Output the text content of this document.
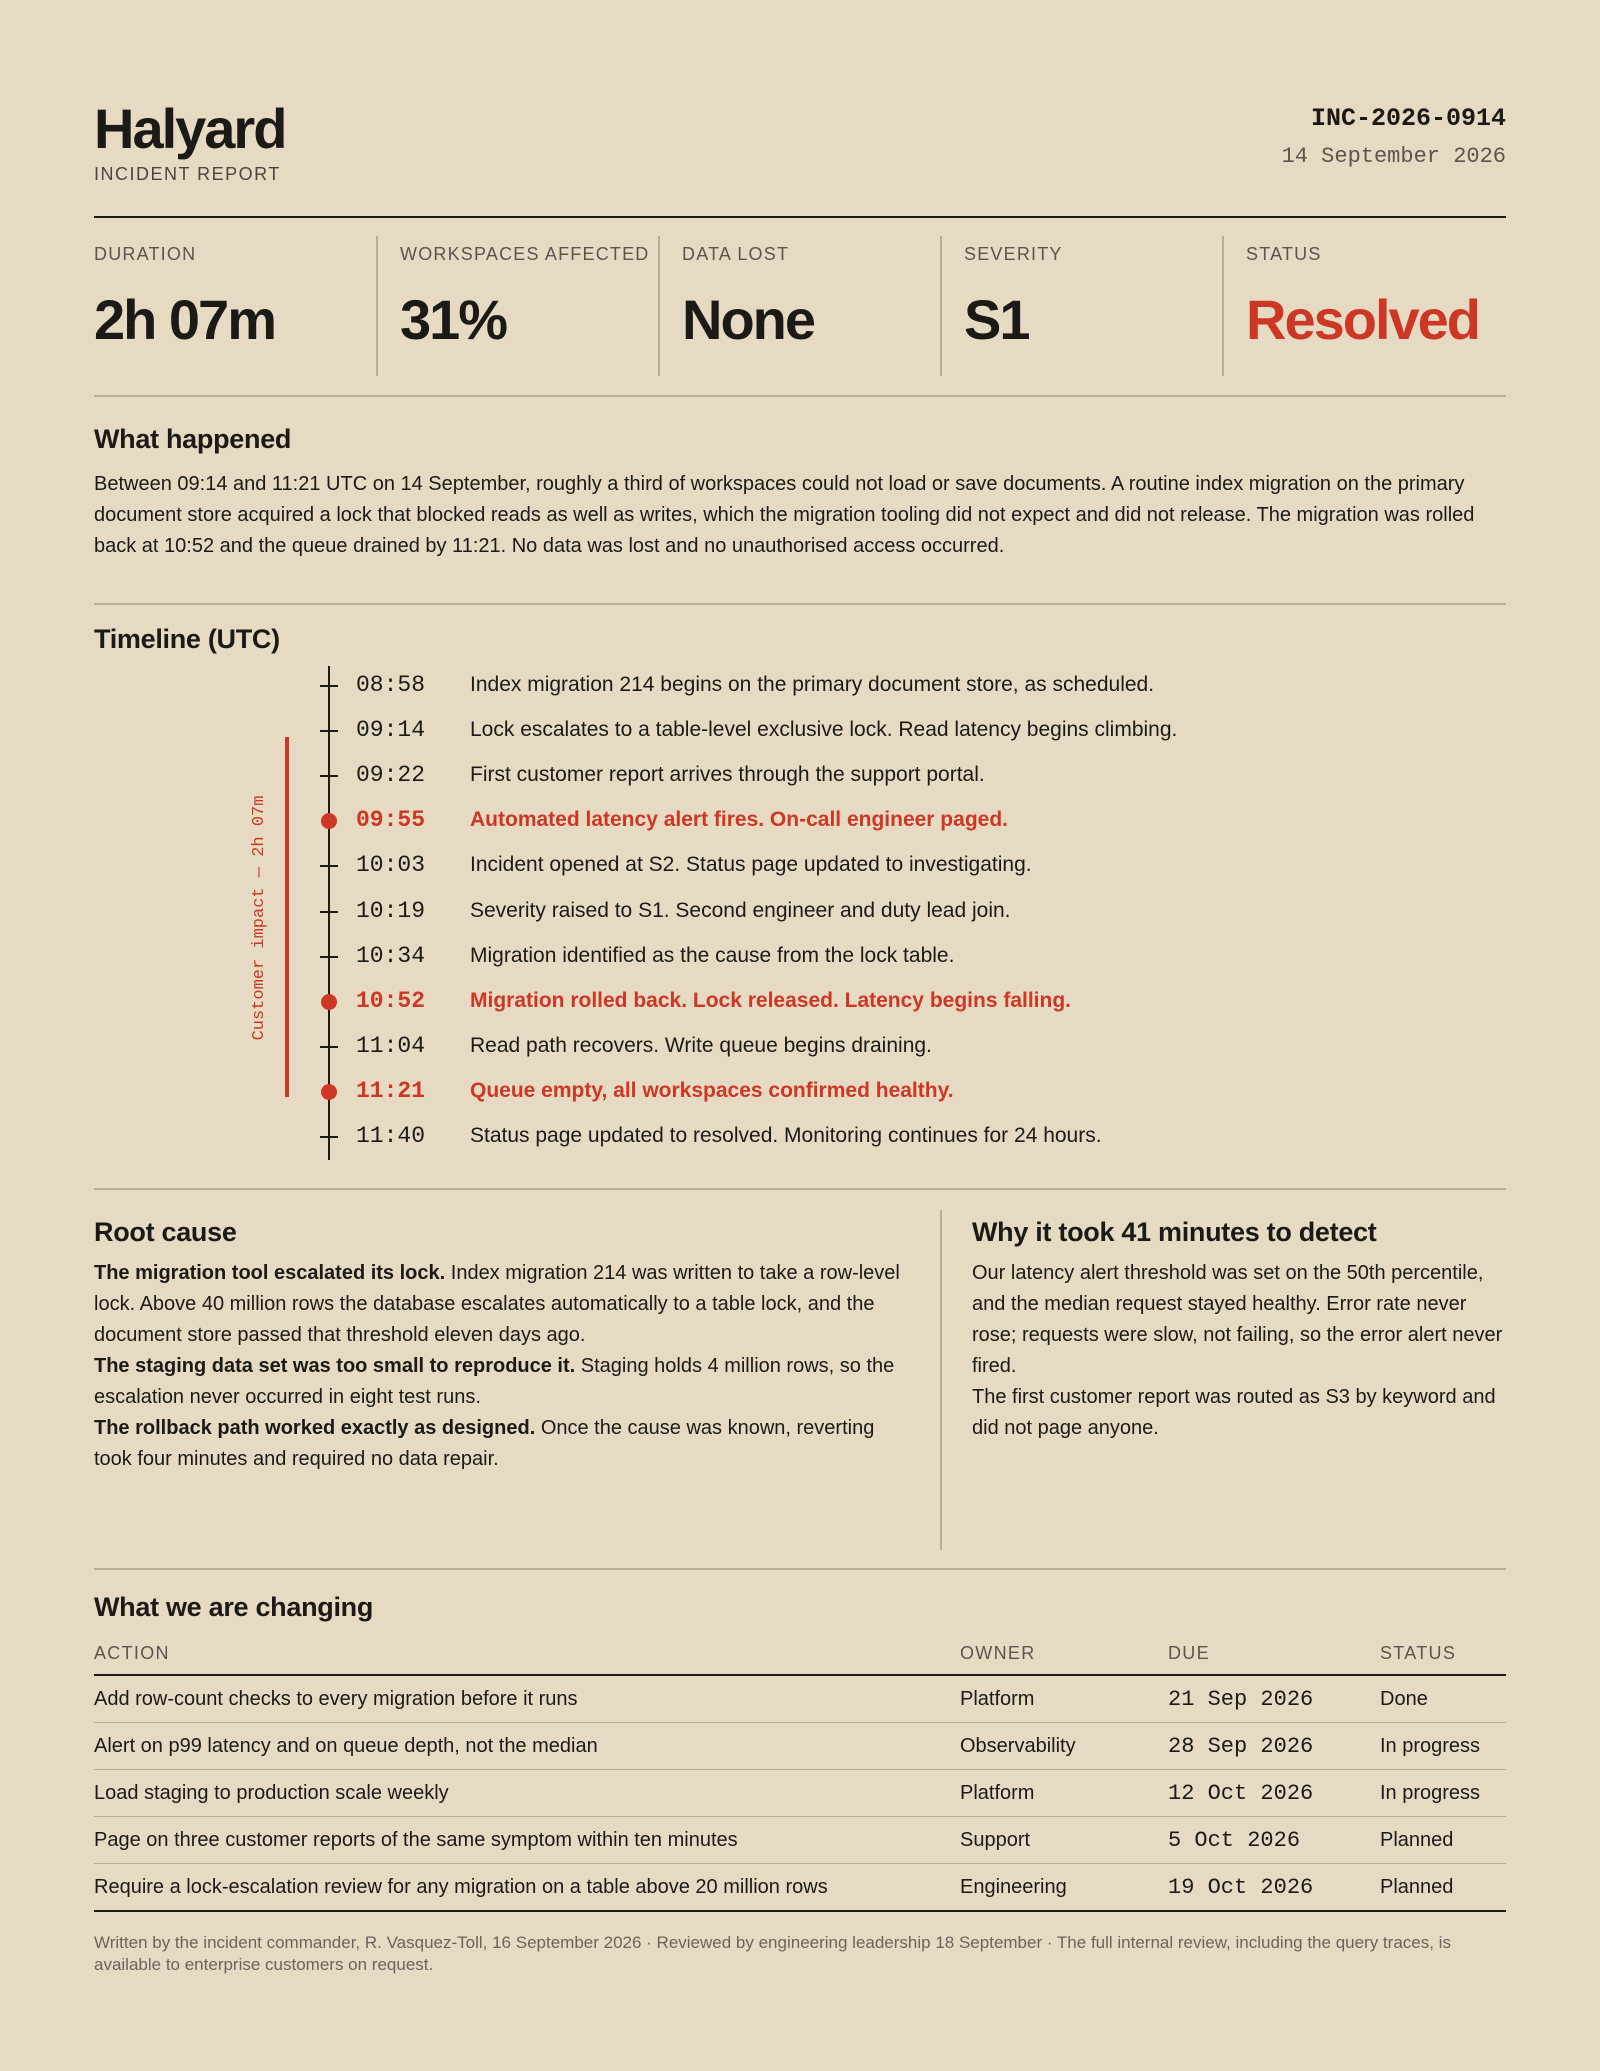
Halyard
INCIDENT REPORT
INC-2026-0914
14 September 2026
DURATION
2h 07m
WORKSPACES AFFECTED
31%
DATA LOST
None
SEVERITY
S1
STATUS
Resolved
What happened

Between 09:14 and 11:21 UTC on 14 September, roughly a third of workspaces could not load or save documents. A routine index migration on the primary document store acquired a lock that blocked reads as well as writes, which the migration tooling did not expect and did not release. The migration was rolled back at 10:52 and the queue drained by 11:21. No data was lost and no unauthorised access occurred.

Timeline (UTC)
Customer impact — 2h 07m
08:58 Index migration 214 begins on the primary document store, as scheduled.
09:14 Lock escalates to a table-level exclusive lock. Read latency begins climbing.
09:22 First customer report arrives through the support portal.
09:55 Automated latency alert fires. On-call engineer paged.
10:03 Incident opened at S2. Status page updated to investigating.
10:19 Severity raised to S1. Second engineer and duty lead join.
10:34 Migration identified as the cause from the lock table.
10:52 Migration rolled back. Lock released. Latency begins falling.
11:04 Read path recovers. Write queue begins draining.
11:21 Queue empty, all workspaces confirmed healthy.
11:40 Status page updated to resolved. Monitoring continues for 24 hours.
Root cause
The migration tool escalated its lock. Index migration 214 was written to take a row-level lock. Above 40 million rows the database escalates automatically to a table lock, and the document store passed that threshold eleven days ago.
The staging data set was too small to reproduce it. Staging holds 4 million rows, so the escalation never occurred in eight test runs.
The rollback path worked exactly as designed. Once the cause was known, reverting took four minutes and required no data repair.
Why it took 41 minutes to detect
Our latency alert threshold was set on the 50th percentile, and the median request stayed healthy. Error rate never rose; requests were slow, not failing, so the error alert never fired.
The first customer report was routed as S3 by keyword and did not page anyone.
What we are changing
ACTION	OWNER	DUE	STATUS
Add row-count checks to every migration before it runs	Platform	21 Sep 2026	Done
Alert on p99 latency and on queue depth, not the median	Observability	28 Sep 2026	In progress
Load staging to production scale weekly	Platform	12 Oct 2026	In progress
Page on three customer reports of the same symptom within ten minutes	Support	5 Oct 2026	Planned
Require a lock-escalation review for any migration on a table above 20 million rows	Engineering	19 Oct 2026	Planned
Written by the incident commander, R. Vasquez-Toll, 16 September 2026 · Reviewed by engineering leadership 18 September · The full internal review, including the query traces, is available to enterprise customers on request.
